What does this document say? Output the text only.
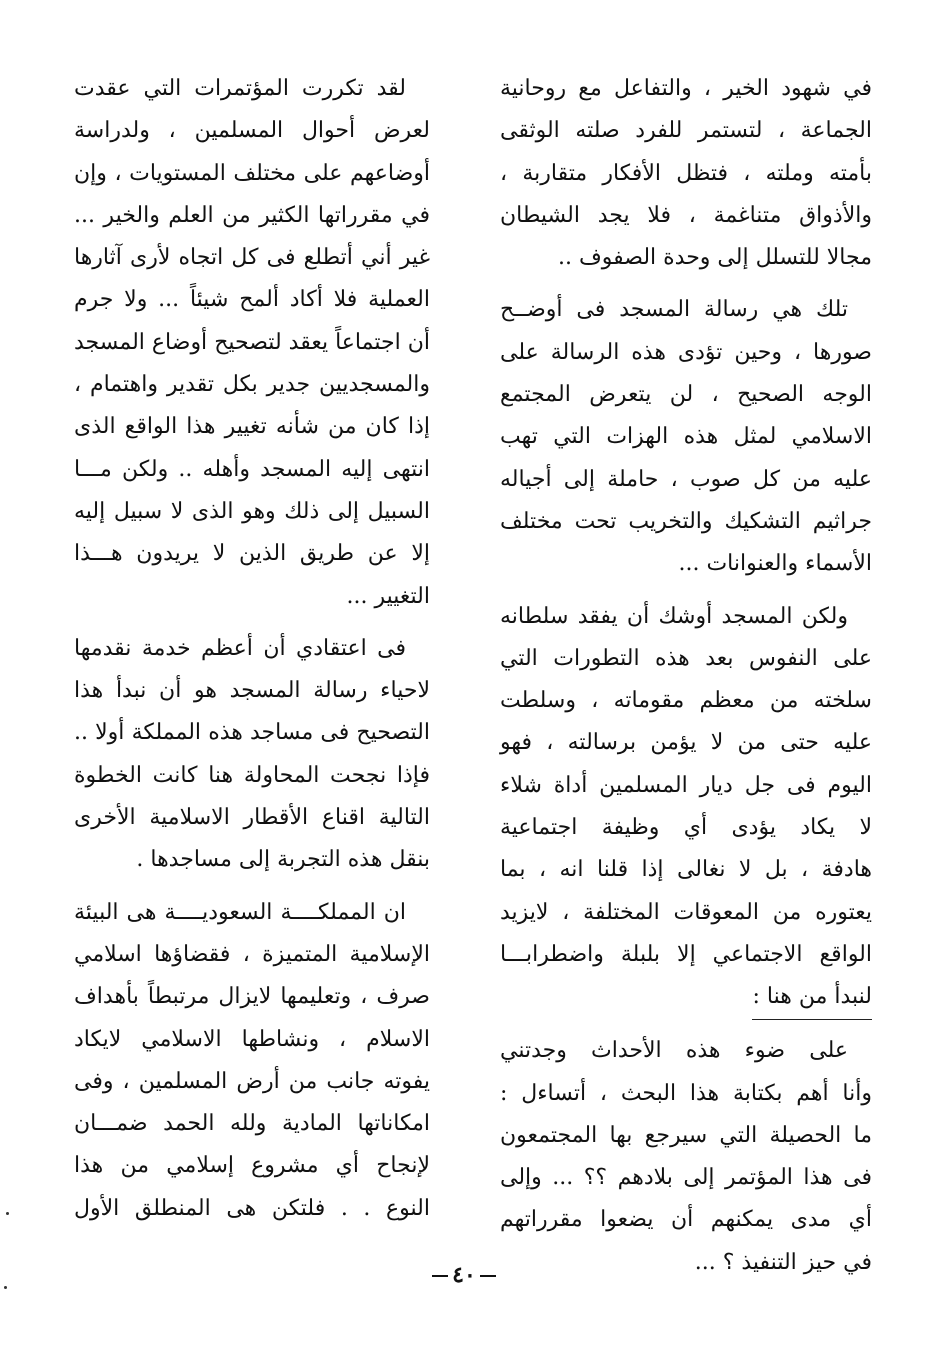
في شهود الخير ، والتفاعل مع روحانية
الجماعة ، لتستمر للفرد صلته الوثقى
بأمته وملته ، فتظل الأفكار متقاربة ،
والأذواق متناغمة ، فلا يجد الشيطان
مجالا للتسلل إلى وحدة الصفوف ..

تلك هي رسالة المسجد فى أوضــح
صورها ، وحين تؤدى هذه الرسالة على
الوجه الصحيح ، لن يتعرض المجتمع
الاسلامي لمثل هذه الهزات التي تهب
عليه من كل صوب ، حاملة إلى أجياله
جراثيم التشكيك والتخريب تحت مختلف
الأسماء والعنوانات ...

ولكن المسجد أوشك أن يفقد سلطانه
على النفوس بعد هذه التطورات التي
سلخته من معظم مقوماته ، وسلطت
عليه حتى من لا يؤمن برسالته ، فهو
اليوم فى جل ديار المسلمين أداة شلاء
لا يكاد يؤدى أي وظيفة اجتماعية
هادفة ، بل لا نغالى إذا قلنا انه ، بما
يعتوره من المعوقات المختلفة ، لايزيد
الواقع الاجتماعي إلا بلبلة واضطرابـــا

لنبدأ من هنا :

على ضوء هذه الأحداث وجدتني
وأنا أهم بكتابة هذا البحث ، أتساءل :
ما الحصيلة التي سيرجع بها المجتمعون
فى هذا المؤتمر إلى بلادهم ؟؟ ... وإلى
أي مدى يمكنهم أن يضعوا مقرراتهم
في حيز التنفيذ ؟ ...

لقد تكررت المؤتمرات التي عقدت
لعرض أحوال المسلمين ، ولدراسة
أوضاعهم على مختلف المستويات ، وإن
في مقرراتها الكثير من العلم والخير ...
غير أني أتطلع فى كل اتجاه لأرى آثارها
العملية فلا أكاد ألمح شيئاً ... ولا جرم
أن اجتماعاً يعقد لتصحيح أوضاع المسجد
والمسجديين جدير بكل تقدير واهتمام ،
إذا كان من شأنه تغيير هذا الواقع الذى
انتهى إليه المسجد وأهله .. ولكن مـــا
السبيل إلى ذلك وهو الذى لا سبيل إليه
إلا عن طريق الذين لا يريدون هـــذا
التغيير ...

فى اعتقادي أن أعظم خدمة نقدمها
لاحياء رسالة المسجد هو أن نبدأ هذا
التصحيح فى مساجد هذه المملكة أولا ..
فإذا نجحت المحاولة هنا كانت الخطوة
التالية اقناع الأقطار الاسلامية الأخرى
بنقل هذه التجربة إلى مساجدها .

ان المملكــــة السعوديــــة هى البيئة
الإسلامية المتميزة ، فقضاؤها اسلامي
صرف ، وتعليمها لايزال مرتبطاً بأهداف
الاسلام ، ونشاطها الاسلامي لايكاد
يفوته جانب من أرض المسلمين ، وفى
امكاناتها المادية ولله الحمد ضمـــان
لإنجاح أي مشروع إسلامي من هذا
النوع . . فلتكن هى المنطلق الأول

٤٠
